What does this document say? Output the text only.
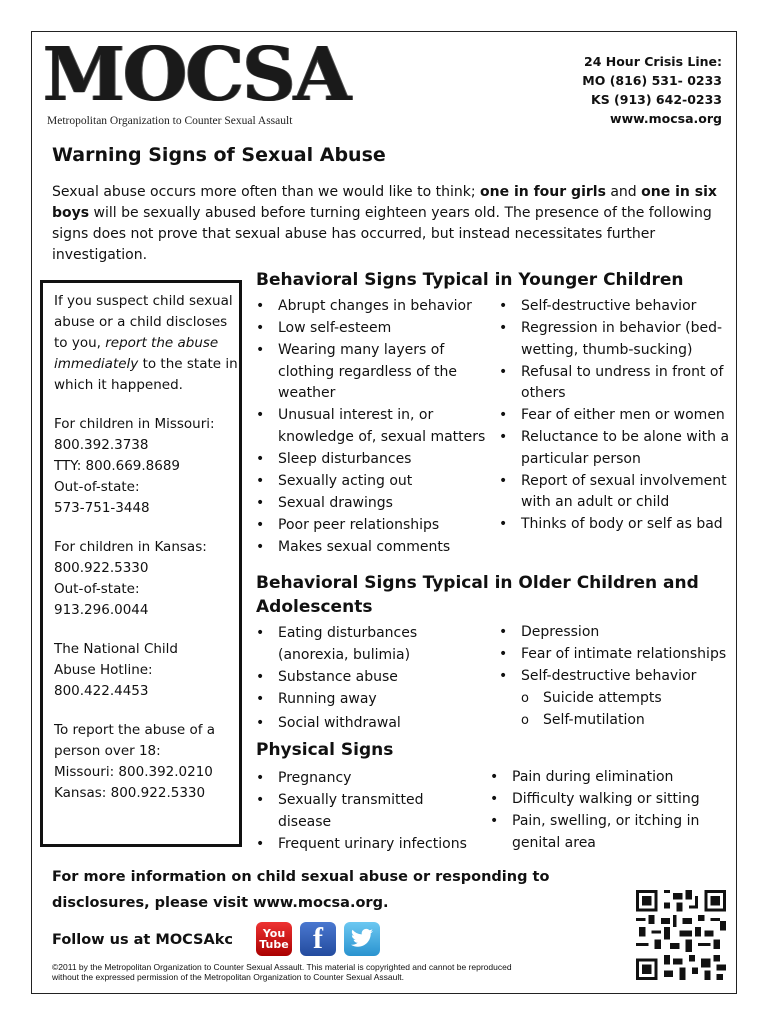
MOCSA
Metropolitan Organization to Counter Sexual Assault
24 Hour Crisis Line:
MO (816) 531- 0233
KS (913) 642-0233
www.mocsa.org
Warning Signs of Sexual Abuse
Sexual abuse occurs more often than we would like to think; one in four girls and one in six boys will be sexually abused before turning eighteen years old. The presence of the following signs does not prove that sexual abuse has occurred, but instead necessitates further investigation.

If you suspect child sexual abuse or a child discloses to you, report the abuse immediately to the state in which it happened.

For children in Missouri:
800.392.3738
TTY: 800.669.8689
Out-of-state:
573-751-3448

For children in Kansas:
800.922.5330
Out-of-state:
913.296.0044

The National Child
Abuse Hotline:
800.422.4453

To report the abuse of a
person over 18:
Missouri: 800.392.0210
Kansas: 800.922.5330

Behavioral Signs Typical in Younger Children
• Abrupt changes in behavior
• Low self-esteem
• Wearing many layers of clothing regardless of the weather
• Unusual interest in, or knowledge of, sexual matters
• Sleep disturbances
• Sexually acting out
• Sexual drawings
• Poor peer relationships
• Makes sexual comments
• Self-destructive behavior
• Regression in behavior (bed-wetting, thumb-sucking)
• Refusal to undress in front of others
• Fear of either men or women
• Reluctance to be alone with a particular person
• Report of sexual involvement with an adult or child
• Thinks of body or self as bad
Behavioral Signs Typical in Older Children and
Adolescents
• Eating disturbances (anorexia, bulimia)
• Substance abuse
• Running away
• Social withdrawal
• Depression
• Fear of intimate relationships
• Self-destructive behavior
o Suicide attempts
o Self-mutilation
Physical Signs
• Pregnancy
• Sexually transmitted disease
• Frequent urinary infections
• Pain during elimination
• Difficulty walking or sitting
• Pain, swelling, or itching in genital area
For more information on child sexual abuse or responding to
disclosures, please visit www.mocsa.org.
Follow us at MOCSAkc	You
Tube f
©2011 by the Metropolitan Organization to Counter Sexual Assault. This material is copyrighted and cannot be reproduced
without the expressed permission of the Metropolitan Organization to Counter Sexual Assault.
